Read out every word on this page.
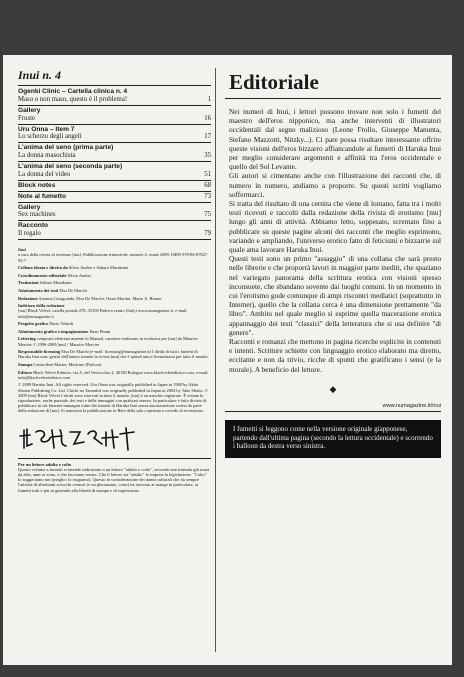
Inui n. 4
Ogenki Clinic – Cartella clinica n. 4
Maso o non maso, questo è il problema!	1
Gallery
Fruste	16
Uru Onna – Item 7
Lo scherzo degli angeli	17
L'anima del seno (prima parte)
La donna masochista	35
L'anima del seno (seconda parte)
La donna del video	51
Block notes	68
Note al fumetto	73
Gallery
Sex machines	75
Racconto
Il regalo	79

Inui
a cura della rivista di erotismo [mu]. Pubblicazione trimestrale, numero 4, estate 2009. ISBN 978-88-87827-92-7

Collana ideata e diretta da Silvio Andrei e Saburo Murakami

Coordinamento editoriale Silvio Andrei

Traduzioni Saburo Murakami

Adattamento dei testi Elsa De Marchi

Redazione Arianna Casagrande, Elsa De Marchi, Omar Martini, Mario A. Rumor

Indirizzo della redazione
[mu] Black Velvet, casella postale 278, 35100 Padova centro (Italy) www.numagazine.it, e-mail: info@numagazine.it

Progetto grafico Dario Velardi

Adattamento grafico e impaginazione Enzo Pisani

Lettering composto elettronicamente in Manual, carattere realizzato in esclusiva per [mu] da Maurice Mercier © 1996-2009 [mu] / Maurice Mercier

Responsabile licensing Elsa De Marchi (e-mail: licensing@numagazine.it) I diritti di tutti i fumetti di Haruka Inui sono gestiti dall'autore tramite la rivista [mu] che è quindi unica licenziataria per tutto il mondo.

Stampa Centroffset Master, Mestrino (Padova)

Editore Black Velvet Editrice, via A. del Verrocchio 4, 40138 Bologna www.blackveleteditrice.com, e-mail: info@blackvelvetedtrice.com

© 2009 Haruka Inui. All rights reserved. Uru Onna was originally published in Japan in 1988 by Akita Shoten Publishing Co. Ltd. Chichi no Tamashii was originally published in Japan in 2004 by Take Shobo. © 2009 [mu] Black Velvet I diritti sono riservati in tutto il mondo. [mu] è un marchio registrato. È vietata la riproduzione, anche parziale, dei testi e delle immagini con qualsiasi mezzo. In particolare è fatto divieto di pubblicare in siti Internet immagini tratte dai fumetti di Haruka Inui senza autorizzazione scritta da parte della redazione di [mu]. Si autorizza la pubblicazione in Rete della sola copertina a corredo di recensione.

Per un lettore adulto e colto
Questo volume a fumetti si intende indirizzato a un lettore "adulto e colto", secondo una formula già usata da altri, anni or sono, e che facciamo nostra. Che il lettore sia "adulto" lo impone la legislazione. "Colto" lo suggeriamo noi (meglio: lo esigiamo). Questo in considerazione dei danni culturali che da sempre l'attività di altrettanti sciocchi censori (e un pleonasmo, certo) ha arrecato ai manga in particolare, ai fumetti tutti e più in generale alla libertà di stampa e di espressione.
Editoriale

Nei numeri di Inui, i lettori possono trovare non solo i fumetti del maestro dell'eros nipponico, ma anche interventi di illustratori occidentali dal segno malizioso (Leone Frollo, Giuseppe Manunta, Stefano Mazzotti, Nitzky...). Ci pare possa risultare interessante offrire queste visioni dell'eros bizzarro affiancandole ai fumetti di Haruka Inui per meglio considerare argomenti e affinità tra l'eros occidentale e quello del Sol Levante.

Gli autori si cimentano anche con l'illustrazione dei racconti che, di numero in numero, andiamo a proporre. Su questi scritti vogliamo soffermarci.

Si tratta del risultato di una cernita che viene di lontano, fatta tra i molti testi ricevuti e raccolti dalla redazione della rivista di erotismo [mu] lungo gli anni di attività. Abbiamo letto, soppesato, scremato fino a pubblicare su queste pagine alcuni dei racconti che meglio esprimono, variando e ampliando, l'universo erotico fatto di feticismi e bizzarrie sul quale ama lavorare Haruka Inui.

Questi testi sono un primo "assaggio" di una collana che sarà presto nelle librerie e che proporrà lavori in maggior parte inediti, che spaziano nel variegato panorama della scrittura erotica con visioni spesso inconsuete, che sbandano sovente dai luoghi comuni. In un momento in cui l'erotismo gode comunque di ampi riscontri mediatici (soprattutto in Internet), quello che la collana cerca è una dimensione prettamente "da libro". Ambito nel quale meglio si esprime quella macerazione erotica appannaggio dei testi "classici" della letteratura che si usa definire "di genere".

Racconti e romanzi che mettono in pagina ricerche esplicite in contenuti e intenti. Scritture schiette con linguaggio erotico elaborato ma diretto, eccitante e non da trivio, ricche di spunti che gratificano i sensi (e la morale). A beneficio del lettore.

◆
www.numagazine.it/inui
I fumetti si leggono come nella versione originale giapponese, partendo dall'ultima pagina (secondo la lettura occidentale) e scorrendo i balloon da destra verso sinistra.
